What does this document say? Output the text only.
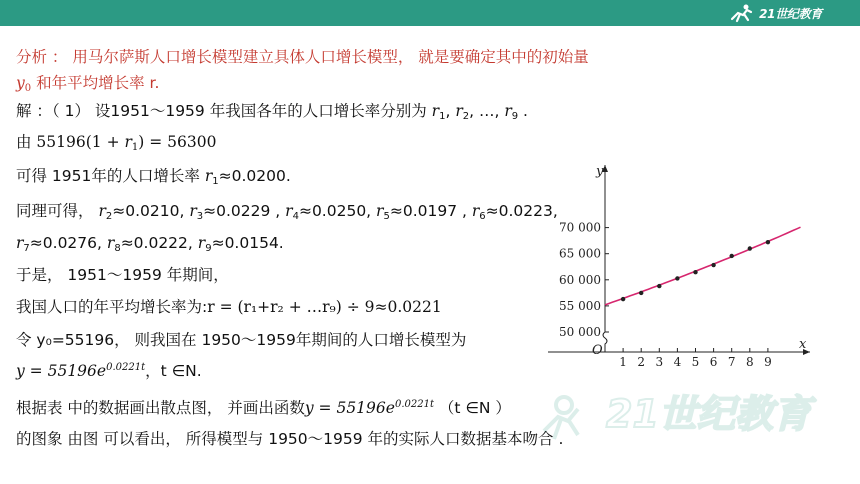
21世纪教育
分析 ： 用马尔萨斯人口增长模型建立具体人口增长模型， 就是要确定其中的初始量
$y_0$ 和年平均增长率 r.
解 ：（ 1） 设1951～1959 年我国各年的人口增长率分别为 $r_1$, $r_2$, …, $r_9$ .
由 $55196(1 + r_1) = 56300$
可得 1951年的人口增长率 $r_1\approx 0.0200$.
同理可得， $r_2\approx 0.0210$, $r_3\approx 0.0229$ , $r_4\approx 0.0250$, $r_5\approx 0.0197$ , $r_6\approx 0.0223$,
$r_7\approx 0.0276$, $r_8\approx 0.0222$, $r_9\approx 0.0154$.
于是， 1951～1959 年期间，
我国人口的年平均增长率为:r = (r₁+r₂ + …r₉) ÷ 9≈0.0221
令 y₀=55196， 则我国在 1950～1959年期间的人口增长模型为
$y = 55196e^{0.0221t}$，t ∈N.
根据表 中的数据画出散点图， 并画出函数$y = 55196e^{0.0221t}$ （t ∈N ）
的图象 由图 可以看出， 所得模型与 1950～1959 年的实际人口数据基本吻合 .
y
x
O
50 000
55 000
60 000
65 000
70 000
1 2 3 4 5 6 7 8 9
21世纪教育
